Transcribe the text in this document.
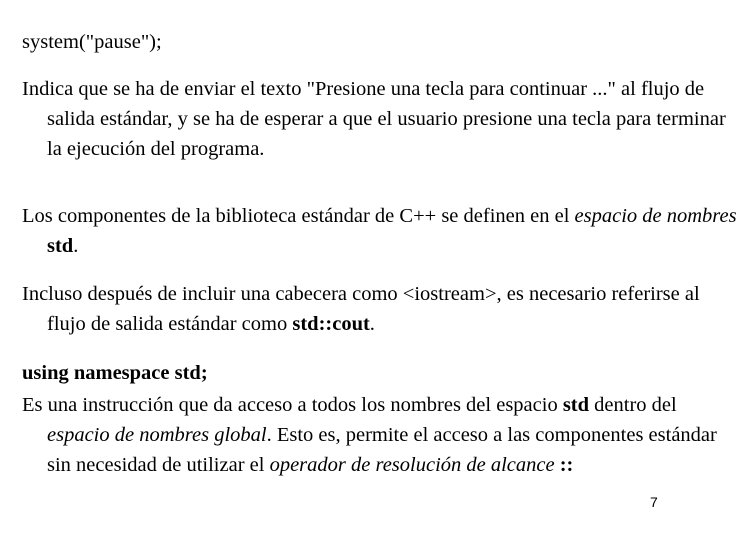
system("pause");
Indica que se ha de enviar el texto "Presione una tecla para continuar ..." al flujo de salida estándar, y se ha de esperar a que el usuario presione una tecla para terminar la ejecución del programa.
Los componentes de la biblioteca estándar de C++ se definen en el espacio de nombres std.
Incluso después de incluir una cabecera como <iostream>, es necesario referirse al flujo de salida estándar como std::cout.
using namespace std;
Es una instrucción que da acceso a todos los nombres del espacio std dentro del espacio de nombres global. Esto es, permite el acceso a las componentes estándar sin necesidad de utilizar el operador de resolución de alcance ::
7
